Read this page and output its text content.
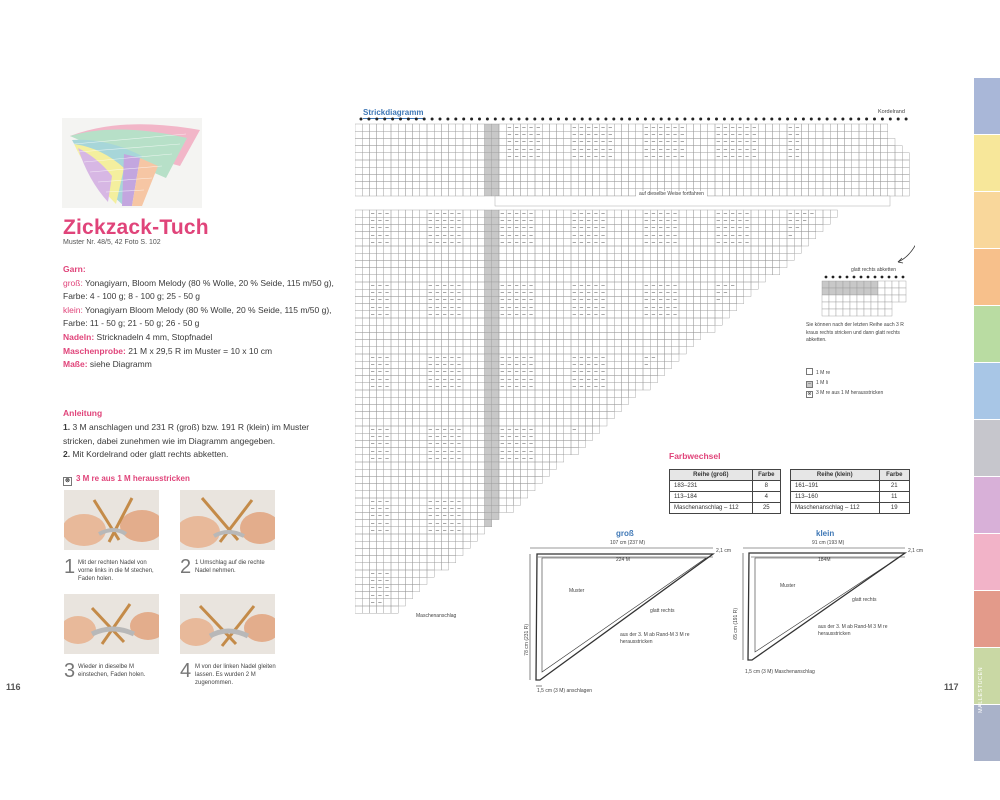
Zickzack-Tuch
Muster Nr. 48/5, 42 Foto S. 102
Garn:
groß: Yonagiyarn, Bloom Melody (80 % Wolle, 20 % Seide, 115 m/50 g),
Farbe: 4 - 100 g; 8 - 100 g; 25 - 50 g
klein: Yonagiyarn Bloom Melody (80 % Wolle, 20 % Seide, 115 m/50 g),
Farbe: 11 - 50 g; 21 - 50 g; 26 - 50 g
Nadeln: Stricknadeln 4 mm, Stopfnadel
Maschenprobe: 21 M x 29,5 R im Muster = 10 x 10 cm
Maße: siehe Diagramm
Anleitung
1. 3 M anschlagen und 231 R (groß) bzw. 191 R (klein) im Muster stricken, dabei zunehmen wie im Diagramm angegeben.
2. Mit Kordelrand oder glatt rechts abketten.
⊗ 3 M re aus 1 M herausstricken
1 Mit der rechten Nadel von vorne links in die M stechen, Faden holen.
2 1 Umschlag auf die rechte Nadel nehmen.
3 Wieder in dieselbe M einstechen, Faden holen.	4 M von der linken Nadel gleiten lassen. Es wurden 2 M zugenommen.
116
Strickdiagramm	Kordelrand
– – – – –	– – – – – –	– – – – – –	– – – – – –	– –
– – – – –	– – – – – –	– – – – – –	– – – – – –	– –
– – – – –	– – – – – –	– – – – – –	– – – – – –	– –
– – – – –	– – – – – –	– – – – – –	– – – – – –	– –
– – – – –	– – – – – –	– – – – – –	– – – – – –	– –
– – –	– – – – –	– – – – –	– – – – –	– – – – –	– – – – –	– – – –
– – –	– – – – –	– – – – –	– – – – –	– – – – –	– – – – –	– – –
– – –	– – – – –	– – – – –	– – – – –	– – – – –	– – – – –	– –
– – –	– – – – –	– – – – –	– – – – –	– – – – –	– – – – –	–
– – –	– – – – –	– – – – –	– – – – –	– – – – –	– – – – –
– – –	– – – – –	– – – – –	– – – – –	– – – – –	– – –
– – –	– – – – –	– – – – –	– – – – –	– – – – –	– –
– – –	– – – – –	– – – – –	– – – – –	– – – – –	–
– – –	– – – – –	– – – – –	– – – – –	– – – – –
– – –	– – – – –	– – – – –	– – – – –	– – – – –
– – –	– – – – –	– – – – –	– – – – –	– –
– – –	– – – – –	– – – – –	– – – – –	–
– – –	– – – – –	– – – – –	– – – – –
– – –	– – – – –	– – – – –	– – – – –
– – –	– – – – –	– – – – –	– – – – –
– – –	– – – – –	– – – – –	–
– – –	– – – – –	– – – – –
– – –	– – – – –	– – – – –
– – –	– – – – –	– – – – –
– – –	– – – – –	– – – – –
– – –	– – – – –
– – –	– – – – –
– – –	– – – – –
– – –	– – – – –
– – –	– – – – –
– – –
– – –
– – –
– – –
– –
auf dieselbe Weise fortfahren
Maschenanschlag
glatt rechts abketten
Sie können nach der letzten Reihe auch 3 R kraus rechts stricken und dann glatt rechts abketten.
1 M re
– 1 M li
⊗ 3 M re aus 1 M herausstricken
Farbwechsel
Reihe (groß)	Farbe
183–231	8
113–184	4
Maschenanschlag – 112	25
Reihe (klein)	Farbe
161–191	21
113–160	11
Maschenanschlag – 112	19
groß
107 cm (237 M)
224 M
2,1 cm
78 cm (231 R)
Muster
glatt rechts
aus der 3. M ab Rand-M 3 M re herausstricken
1,5 cm (3 M) anschlagen
klein
91 cm (193 M)
184M
2,1 cm
65 cm (191 R)
Muster
glatt rechts
aus der 3. M ab Rand-M 3 M re herausstricken
1,5 cm (3 M) Maschenanschlag
117	MALLESTUCEN
